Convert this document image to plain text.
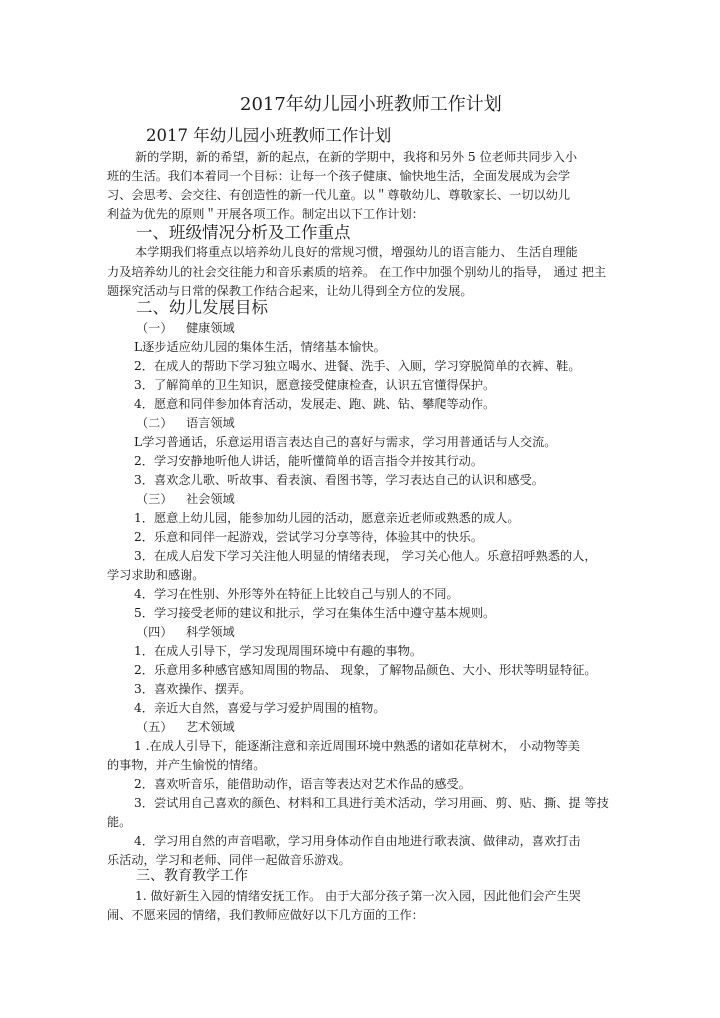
2017年幼儿园小班教师工作计划
2017 年幼儿园小班教师工作计划
新的学期，新的希望，新的起点，在新的学期中，我将和另外 5 位老师共同步入小
班的生活。我们本着同一个目标：让每一个孩子健康、愉快地生活，全面发展成为会学
习、会思考、会交往、有创造性的新一代儿童。以＂尊敬幼儿、尊敬家长、一切以幼儿
利益为优先的原则＂开展各项工作。制定出以下工作计划：
一、班级情况分析及工作重点
本学期我们将重点以培养幼儿良好的常规习惯，增强幼儿的语言能力、 生活自理能
力及培养幼儿的社会交往能力和音乐素质的培养。 在工作中加强个别幼儿的指导， 通过 把主
题探究活动与日常的保教工作结合起来，让幼儿得到全方位的发展。
二、幼儿发展目标
（一） 健康领域
L逐步适应幼儿园的集体生活，情绪基本愉快。
2．在成人的帮助下学习独立喝水、进餐、洗手、入厕，学习穿脱简单的衣裤、鞋。
3．了解简单的卫生知识，愿意接受健康检查，认识五官懂得保护。
4．愿意和同伴参加体育活动，发展走、跑、跳、钻、攀爬等动作。
（二） 语言领域
L学习普通话，乐意运用语言表达自己的喜好与需求，学习用普通话与人交流。
2．学习安静地听他人讲话，能听懂简单的语言指令并按其行动。
3．喜欢念儿歌、听故事、看表演、看图书等，学习表达自己的认识和感受。
（三） 社会领域
1．愿意上幼儿园，能参加幼儿园的活动，愿意亲近老师或熟悉的成人。
2．乐意和同伴一起游戏，尝试学习分享等待，体验其中的快乐。
3．在成人启发下学习关注他人明显的情绪表现， 学习关心他人。乐意招呼熟悉的人，
学习求助和感谢。
4．学习在性别、外形等外在特征上比较自己与别人的不同。
5．学习接受老师的建议和批示，学习在集体生活中遵守基本规则。
（四） 科学领域
1．在成人引导下，学习发现周围环境中有趣的事物。
2．乐意用多种感官感知周围的物品、 现象，了解物品颜色、大小、形状等明显特征。
3．喜欢操作、摆弄。
4．亲近大自然，喜爱与学习爱护周围的植物。
（五） 艺术领域
1 .在成人引导下，能逐渐注意和亲近周围环境中熟悉的诸如花草树木， 小动物等美
的事物，并产生愉悦的情绪。
2．喜欢听音乐，能借助动作，语言等表达对艺术作品的感受。
3．尝试用自己喜欢的颜色、材料和工具进行美术活动，学习用画、剪、贴、撕、提 等技
能。
4．学习用自然的声音唱歌，学习用身体动作自由地进行歌表演、做律动，喜欢打击
乐活动，学习和老师、同伴一起做音乐游戏。
三、教育教学工作
1. 做好新生入园的情绪安抚工作。 由于大部分孩子第一次入园，因此他们会产生哭
闹、不愿来园的情绪，我们教师应做好以下几方面的工作：
